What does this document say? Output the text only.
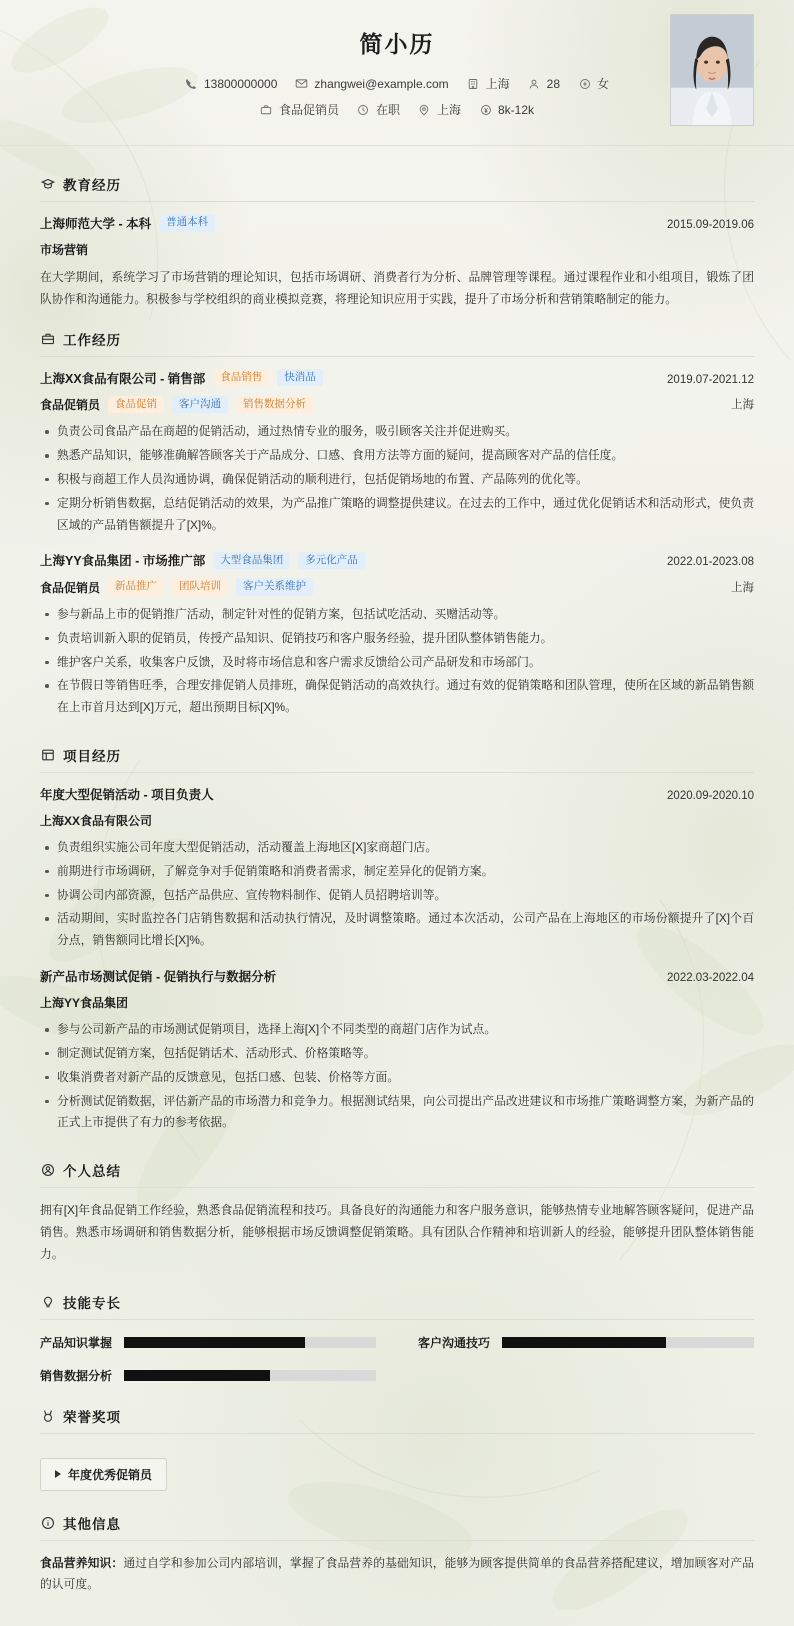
简小历
13800000000	zhangwei@example.com	上海	28	女
食品促销员	在职	上海	8k-12k
教育经历
上海师范大学 - 本科	普通本科	2015.09-2019.06
市场营销
在大学期间，系统学习了市场营销的理论知识，包括市场调研、消费者行为分析、品牌管理等课程。通过课程作业和小组项目，锻炼了团队协作和沟通能力。积极参与学校组织的商业模拟竞赛，将理论知识应用于实践，提升了市场分析和营销策略制定的能力。
工作经历
上海XX食品有限公司 - 销售部	食品销售	快消品	2019.07-2021.12
食品促销员	食品促销	客户沟通	销售数据分析	上海
负责公司食品产品在商超的促销活动，通过热情专业的服务，吸引顾客关注并促进购买。
熟悉产品知识，能够准确解答顾客关于产品成分、口感、食用方法等方面的疑问，提高顾客对产品的信任度。
积极与商超工作人员沟通协调，确保促销活动的顺利进行，包括促销场地的布置、产品陈列的优化等。
定期分析销售数据，总结促销活动的效果，为产品推广策略的调整提供建议。在过去的工作中，通过优化促销话术和活动形式，使负责区域的产品销售额提升了[X]%。
上海YY食品集团 - 市场推广部	大型食品集团	多元化产品	2022.01-2023.08
食品促销员	新品推广	团队培训	客户关系维护	上海
参与新品上市的促销推广活动，制定针对性的促销方案，包括试吃活动、买赠活动等。
负责培训新入职的促销员，传授产品知识、促销技巧和客户服务经验，提升团队整体销售能力。
维护客户关系，收集客户反馈，及时将市场信息和客户需求反馈给公司产品研发和市场部门。
在节假日等销售旺季，合理安排促销人员排班，确保促销活动的高效执行。通过有效的促销策略和团队管理，使所在区域的新品销售额在上市首月达到[X]万元，超出预期目标[X]%。
项目经历
年度大型促销活动 - 项目负责人	2020.09-2020.10
上海XX食品有限公司
负责组织实施公司年度大型促销活动，活动覆盖上海地区[X]家商超门店。
前期进行市场调研，了解竞争对手促销策略和消费者需求，制定差异化的促销方案。
协调公司内部资源，包括产品供应、宣传物料制作、促销人员招聘培训等。
活动期间，实时监控各门店销售数据和活动执行情况，及时调整策略。通过本次活动，公司产品在上海地区的市场份额提升了[X]个百分点，销售额同比增长[X]%。
新产品市场测试促销 - 促销执行与数据分析	2022.03-2022.04
上海YY食品集团
参与公司新产品的市场测试促销项目，选择上海[X]个不同类型的商超门店作为试点。
制定测试促销方案，包括促销话术、活动形式、价格策略等。
收集消费者对新产品的反馈意见，包括口感、包装、价格等方面。
分析测试促销数据，评估新产品的市场潜力和竞争力。根据测试结果，向公司提出产品改进建议和市场推广策略调整方案，为新产品的正式上市提供了有力的参考依据。
个人总结
拥有[X]年食品促销工作经验，熟悉食品促销流程和技巧。具备良好的沟通能力和客户服务意识，能够热情专业地解答顾客疑问，促进产品销售。熟悉市场调研和销售数据分析，能够根据市场反馈调整促销策略。具有团队合作精神和培训新人的经验，能够提升团队整体销售能力。
技能专长
产品知识掌握	客户沟通技巧
销售数据分析
荣誉奖项
年度优秀促销员
其他信息
食品营养知识：通过自学和参加公司内部培训，掌握了食品营养的基础知识，能够为顾客提供简单的食品营养搭配建议，增加顾客对产品的认可度。
